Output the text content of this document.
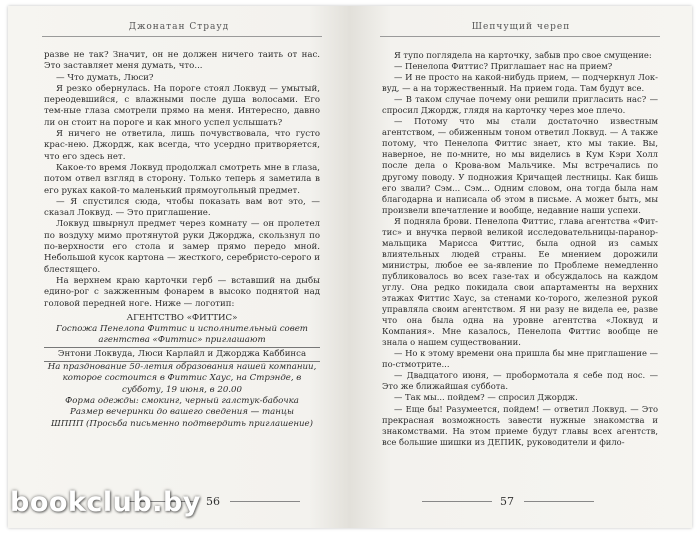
Джонатан Страуд

разве не так? Значит, он не должен ничего таить от нас. Это заставляет меня думать, что...

— Что думать, Люси?

Я резко обернулась. На пороге стоял Локвуд — умытый, переодевшийся, с влажными после душа волосами. Его тем-ные глаза смотрели прямо на меня. Интересно, давно ли он стоит на пороге и как много успел услышать?

Я ничего не ответила, лишь почувствовала, что густо крас-нею. Джордж, как всегда, что усердно притворяется, что его здесь нет.

Какое-то время Локвуд продолжал смотреть мне в глаза, потом отвел взгляд в сторону. Только теперь я заметила в его руках какой-то маленький прямоугольный предмет.

— Я спустился сюда, чтобы показать вам вот это, — сказал Локвуд. — Это приглашение.

Локвуд швырнул предмет через комнату — он пролетел по воздуху мимо протянутой руки Джорджа, скользнул по по-верхности его стола и замер прямо передо мной. Небольшой кусок картона — жесткого, серебристо-серого и блестящего.

На верхнем краю карточки герб — вставший на дыбы едино-рог с зажженным фонарем в высоко поднятой над головой передней ноге. Ниже — логотип:

АГЕНТСТВО «ФИТТИС»

Госпожа Пенелопа Фиттис и исполнительный совет агентства «Фиттис» приглашают

Энтони Локвуда, Люси Карлайл и Джорджа Каббинса

На празднование 50-летия образования нашей компании, которое состоится в Фиттис Хаус, на Стрэнде, в субботу, 19 июня, в 20.00

Форма одежды: смокинг, черный галстук-бабочка

Размер вечеринки до вашего сведения — танцы

ШППП (Просьба письменно подтвердить приглашение)

56
Шепчущий череп

Я тупо поглядела на карточку, забыв про свое смущение:

— Пенелопа Фиттис? Приглашает нас на прием?

— И не просто на какой-нибудь прием, — подчеркнул Лок-вуд, — а на торжественный. На прием года. Там будут все.

— В таком случае почему они решили пригласить нас? — спросил Джордж, глядя на карточку через мое плечо.

— Потому что мы стали достаточно известным агентством, — обиженным тоном ответил Локвуд. — А также потому, что Пенелопа Фиттис знает, кто мы такие. Вы, наверное, не по-мните, но мы виделись в Кум Кэри Холл после дела о Крова-вом Мальчике. Мы встречались по другому поводу. У подножия Кричащей лестницы. Как бишь его звали? Сэм... Сэм... Одним словом, она тогда была нам благодарна и написала об этом в письме. А может быть, мы произвели впечатление и вообще, недавние наши успехи.

Я подняла брови. Пенелопа Фиттис, глава агентства «Фит-тис» и внучка первой великой исследовательницы-паранор-мальщика Марисса Фиттис, была одной из самых влиятельных людей страны. Ее мнением дорожили министры, любое ее за-явление по Проблеме немедленно публиковалось во всех газе-тах и обсуждалось на каждом углу. Она редко покидала свои апартаменты на верхних этажах Фиттис Хаус, за стенами ко-торого, железной рукой управляла своим агентством. Я ни разу не видела ее, разве что она была одна на уровне агентства «Локвуд и Компания». Мне казалось, Пенелопа Фиттис вообще не знала о нашем существовании.

— Но к этому времени она пришла бы мне приглашение — по-стмотрите...

— Двадцатого июня, — пробормотала я себе под нос. — Это же ближайшая суббота.

— Так мы... пойдем? — спросил Джордж.

— Еще бы! Разумеется, пойдем! — ответил Локвуд. — Это прекрасная возможность завести нужные знакомства и знакомствами. На этом приеме будут главы всех агентств, все большие шишки из ДЕПИК, руководители и фило-

57
bookclub.by
